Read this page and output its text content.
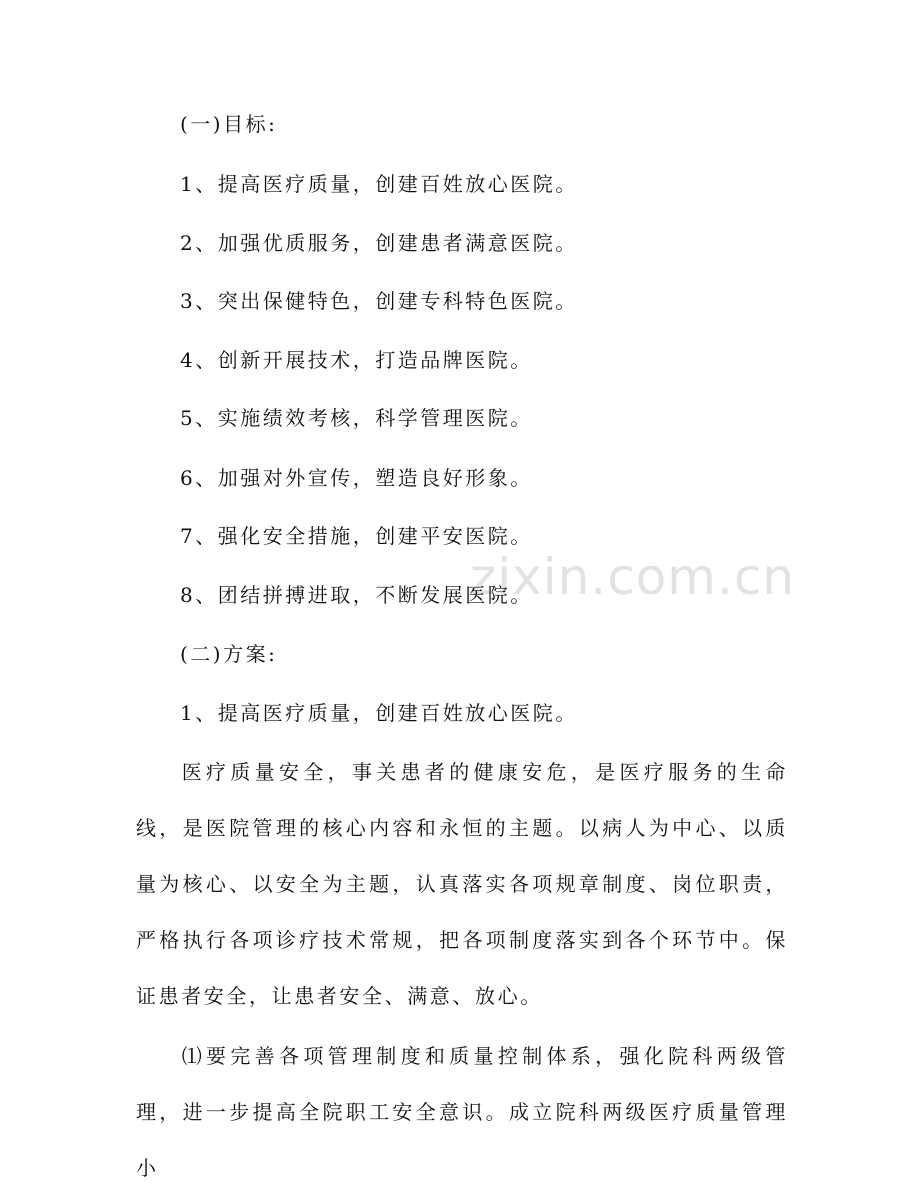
zixin.com.cn
(一)目标:
1、提高医疗质量，创建百姓放心医院。
2、加强优质服务，创建患者满意医院。
3、突出保健特色，创建专科特色医院。
4、创新开展技术，打造品牌医院。
5、实施绩效考核，科学管理医院。
6、加强对外宣传，塑造良好形象。
7、强化安全措施，创建平安医院。
8、团结拼搏进取，不断发展医院。
(二)方案:
1、提高医疗质量，创建百姓放心医院。
医疗质量安全，事关患者的健康安危，是医疗服务的生命线，是医院管理的核心内容和永恒的主题。以病人为中心、以质量为核心、以安全为主题，认真落实各项规章制度、岗位职责，严格执行各项诊疗技术常规，把各项制度落实到各个环节中。保证患者安全，让患者安全、满意、放心。
⑴要完善各项管理制度和质量控制体系，强化院科两级管理，进一步提高全院职工安全意识。成立院科两级医疗质量管理小
